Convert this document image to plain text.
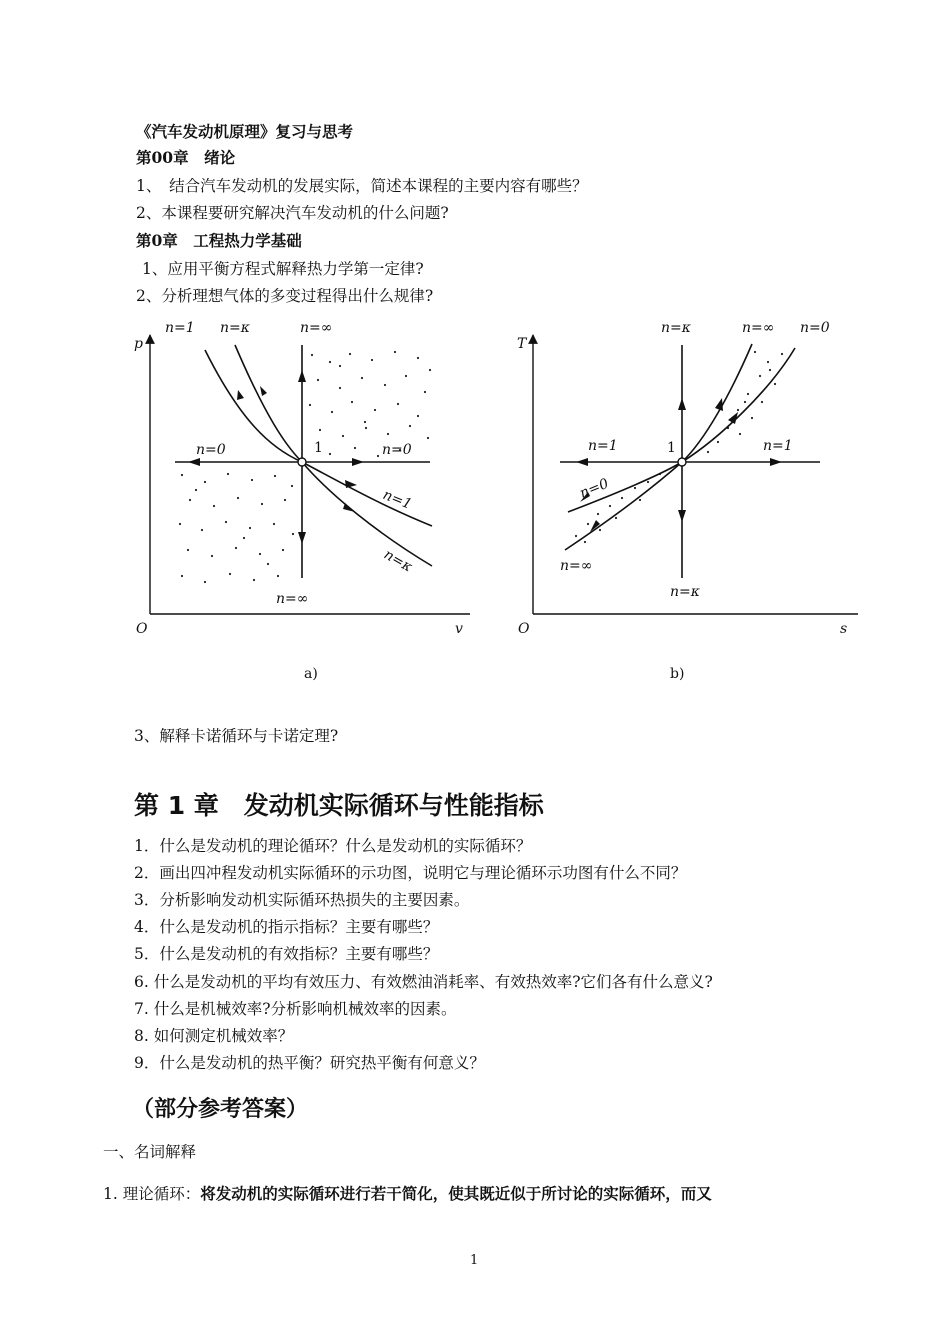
《汽车发动机原理》复习与思考
第00章　绪论
1、　结合汽车发动机的发展实际，简述本课程的主要内容有哪些？
2、本课程要研究解决汽车发动机的什么问题?
第0章　工程热力学基础
1、应用平衡方程式解释热力学第一定律?
2、分析理想气体的多变过程得出什么规律?
p
v
O
1
n=1 n=κ	n=∞
n=0	n=0
n=1
n=κ
n=∞
T
s
O
1
n=κ	n=∞ n=0
n=1	n=1
n=0
n=∞
n=κ
a)	b)
3、解释卡诺循环与卡诺定理?
第 1 章　发动机实际循环与性能指标
1．什么是发动机的理论循环？什么是发动机的实际循环？
2．画出四冲程发动机实际循环的示功图，说明它与理论循环示功图有什么不同？
3．分析影响发动机实际循环热损失的主要因素。
4．什么是发动机的指示指标？主要有哪些？
5．什么是发动机的有效指标？主要有哪些？
6. 什么是发动机的平均有效压力、有效燃油消耗率、有效热效率?它们各有什么意义?
7. 什么是机械效率?分析影响机械效率的因素。
8. 如何测定机械效率？
9．什么是发动机的热平衡？研究热平衡有何意义？
（部分参考答案）
一、名词解释
1. 理论循环：将发动机的实际循环进行若干简化，使其既近似于所讨论的实际循环，而又
1
